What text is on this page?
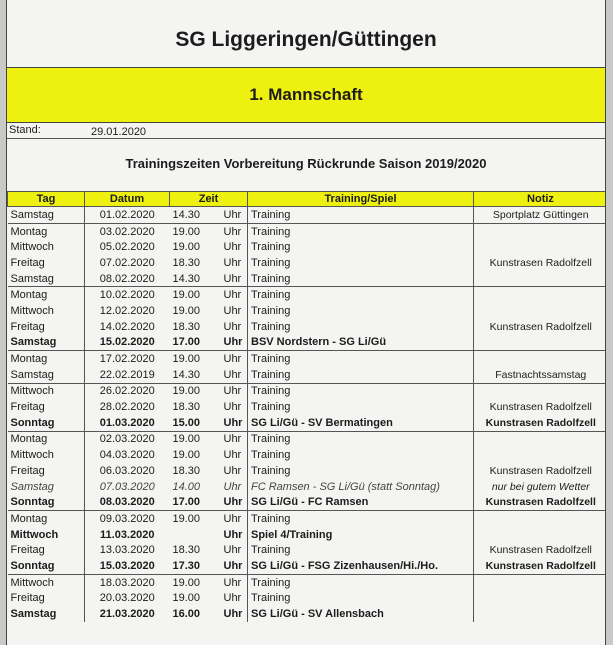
SG Liggeringen/Güttingen
1. Mannschaft
Stand:	29.01.2020
Trainingszeiten Vorbereitung Rückrunde Saison 2019/2020
Tag	Datum	Zeit		Training/Spiel	Notiz
Samstag	01.02.2020	14.30	Uhr	Training	Sportplatz Güttingen
Montag	03.02.2020	19.00	Uhr	Training	
Mittwoch	05.02.2020	19.00	Uhr	Training	
Freitag	07.02.2020	18.30	Uhr	Training	Kunstrasen Radolfzell
Samstag	08.02.2020	14.30	Uhr	Training	
Montag	10.02.2020	19.00	Uhr	Training	
Mittwoch	12.02.2020	19.00	Uhr	Training	
Freitag	14.02.2020	18.30	Uhr	Training	Kunstrasen Radolfzell
Samstag	15.02.2020	17.00	Uhr	BSV Nordstern - SG Li/Gü	
Montag	17.02.2020	19.00	Uhr	Training	
Samstag	22.02.2019	14.30	Uhr	Training	Fastnachtssamstag
Mittwoch	26.02.2020	19.00	Uhr	Training	
Freitag	28.02.2020	18.30	Uhr	Training	Kunstrasen Radolfzell
Sonntag	01.03.2020	15.00	Uhr	SG Li/Gü - SV Bermatingen	Kunstrasen Radolfzell
Montag	02.03.2020	19.00	Uhr	Training	
Mittwoch	04.03.2020	19.00	Uhr	Training	
Freitag	06.03.2020	18.30	Uhr	Training	Kunstrasen Radolfzell
Samstag	07.03.2020	14.00	Uhr	FC Ramsen - SG Li/Gü (statt Sonntag)	nur bei gutem Wetter
Sonntag	08.03.2020	17.00	Uhr	SG Li/Gü - FC Ramsen	Kunstrasen Radolfzell
Montag	09.03.2020	19.00	Uhr	Training	
Mittwoch	11.03.2020		Uhr	Spiel 4/Training	
Freitag	13.03.2020	18.30	Uhr	Training	Kunstrasen Radolfzell
Sonntag	15.03.2020	17.30	Uhr	SG Li/Gü - FSG Zizenhausen/Hi./Ho.	Kunstrasen Radolfzell
Mittwoch	18.03.2020	19.00	Uhr	Training	
Freitag	20.03.2020	19.00	Uhr	Training	
Samstag	21.03.2020	16.00	Uhr	SG Li/Gü - SV Allensbach	
